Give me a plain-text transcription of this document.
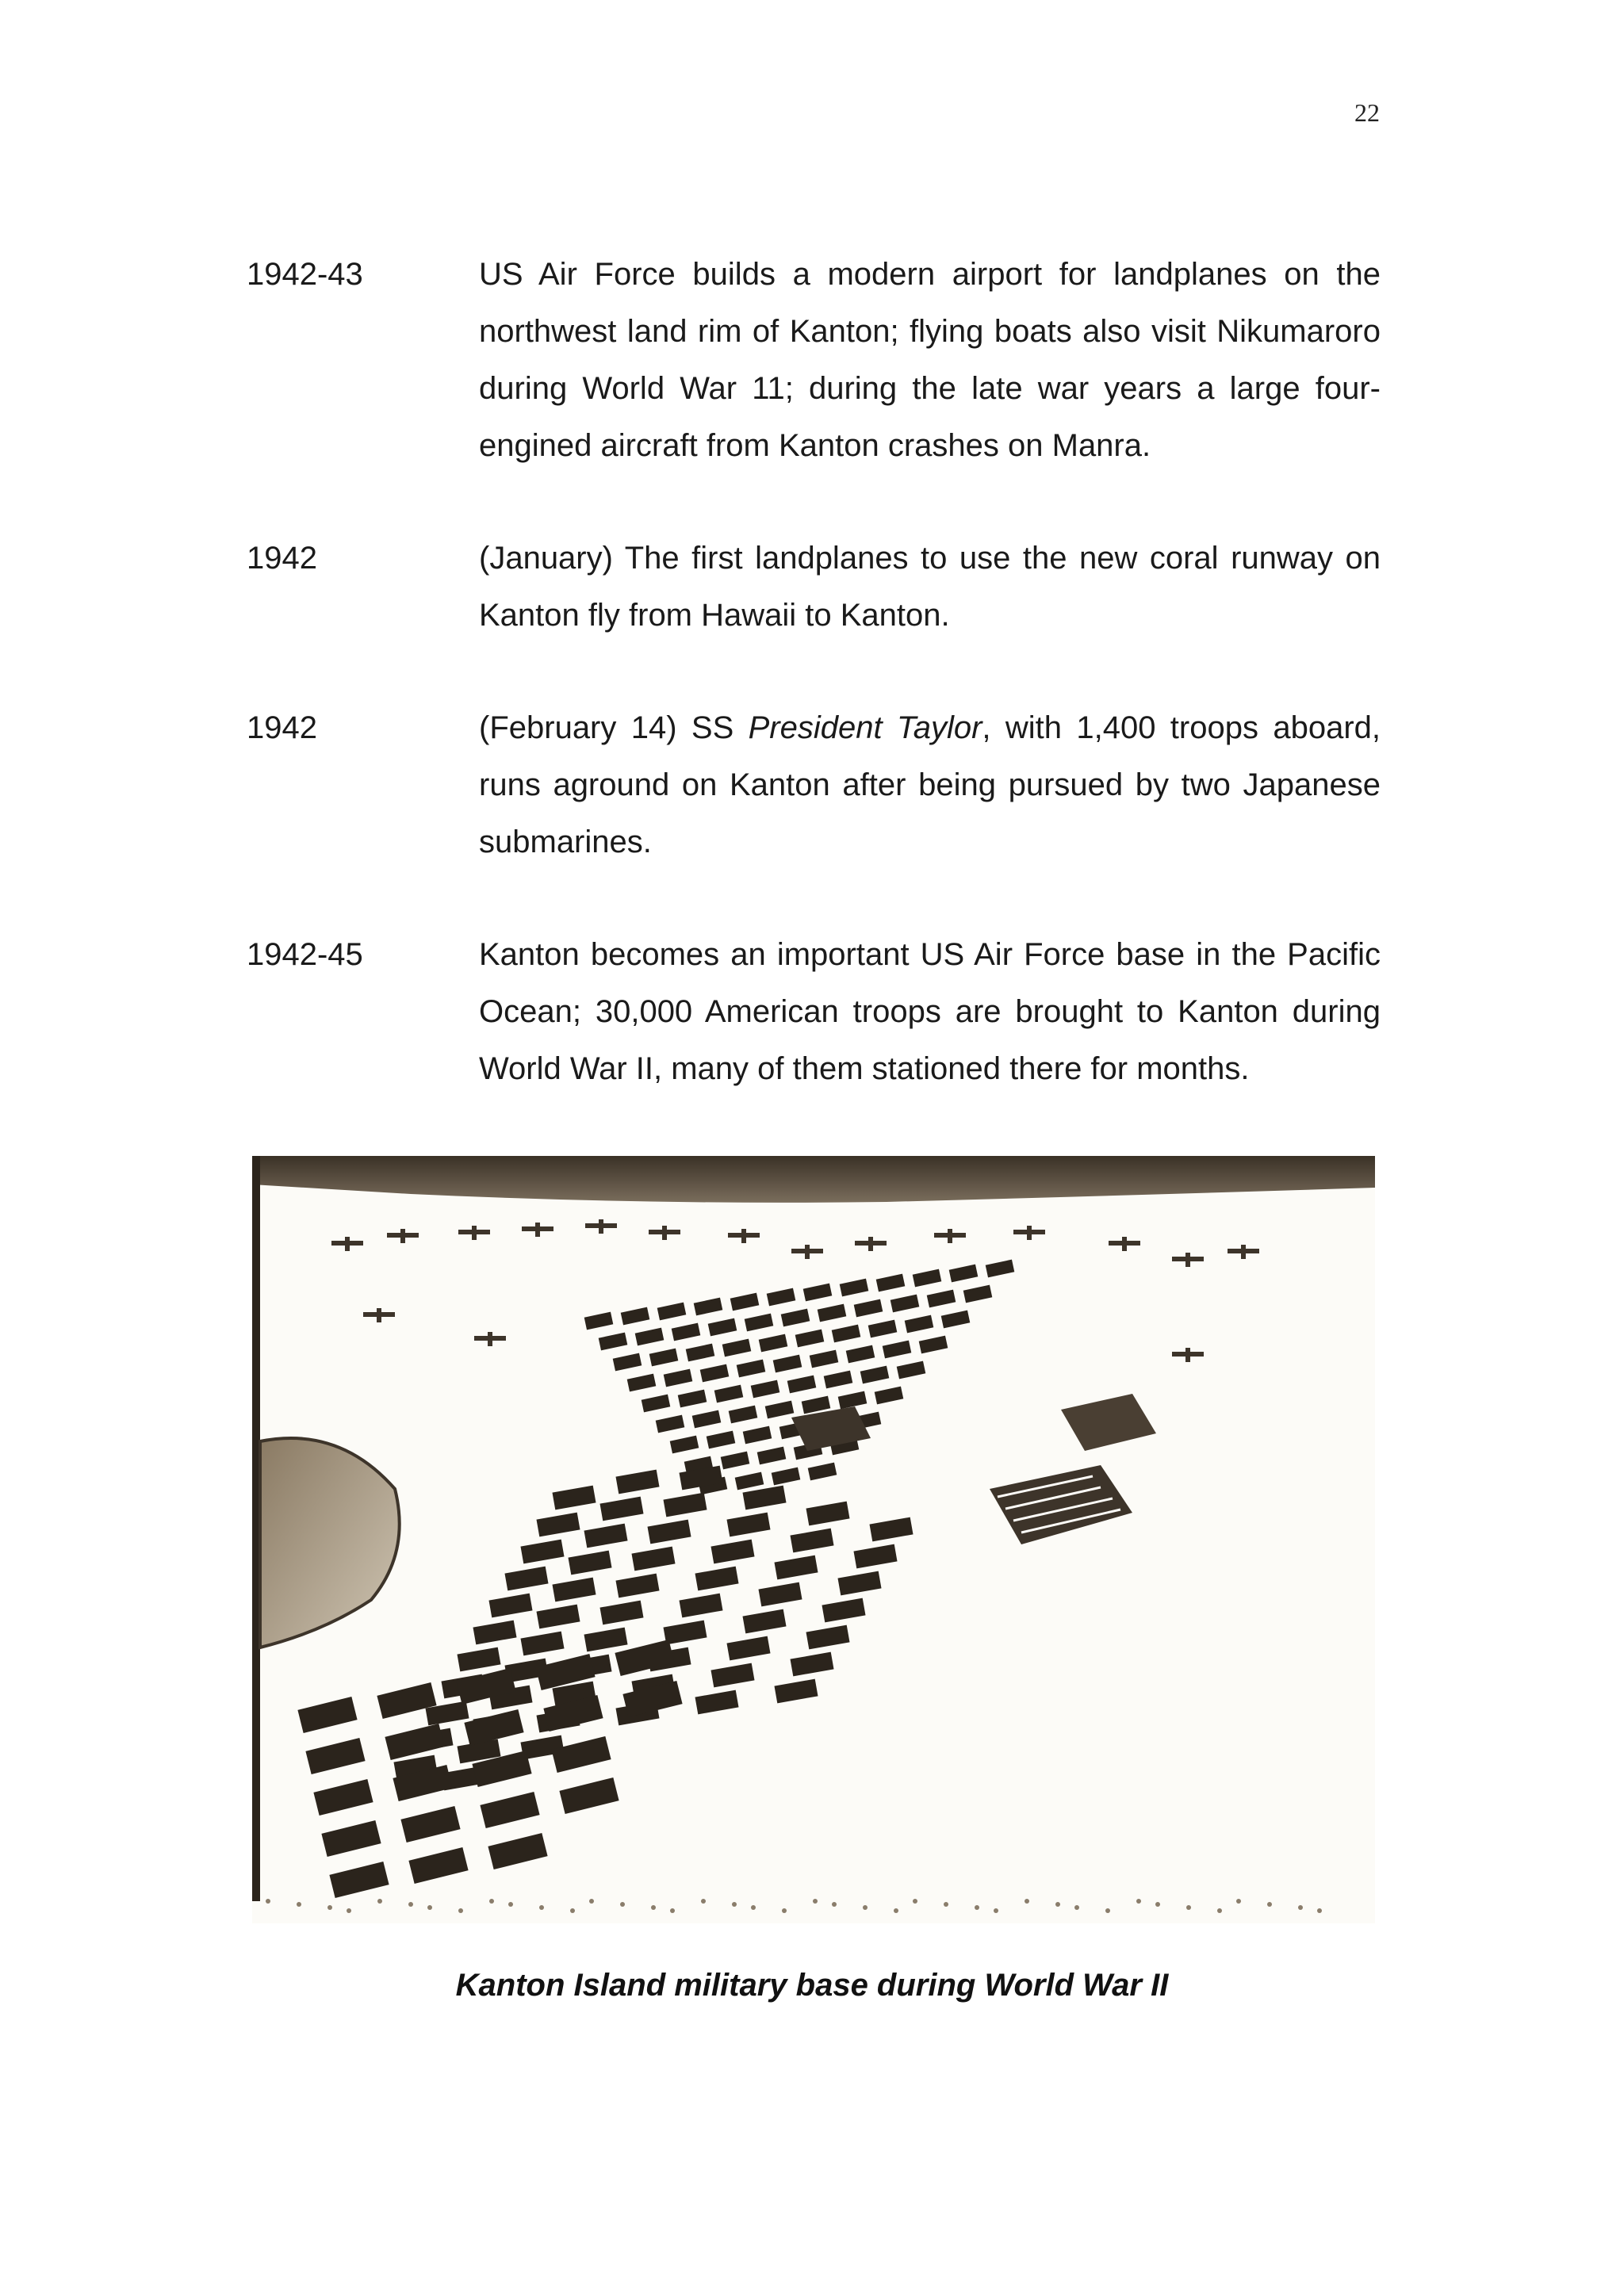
22
1942-43	US Air Force builds a modern airport for landplanes on the northwest land rim of Kanton; flying boats also visit Nikumaroro during World War 11; during the late war years a large four-engined aircraft from Kanton crashes on Manra.
1942	(January) The first landplanes to use the new coral runway on Kanton fly from Hawaii to Kanton.
1942	(February 14) SS President Taylor, with 1,400 troops aboard, runs aground on Kanton after being pursued by two Japanese submarines.
1942-45	Kanton becomes an important US Air Force base in the Pacific Ocean; 30,000 American troops are brought to Kanton during World War II, many of them stationed there for months.
Kanton Island military base during World War II
